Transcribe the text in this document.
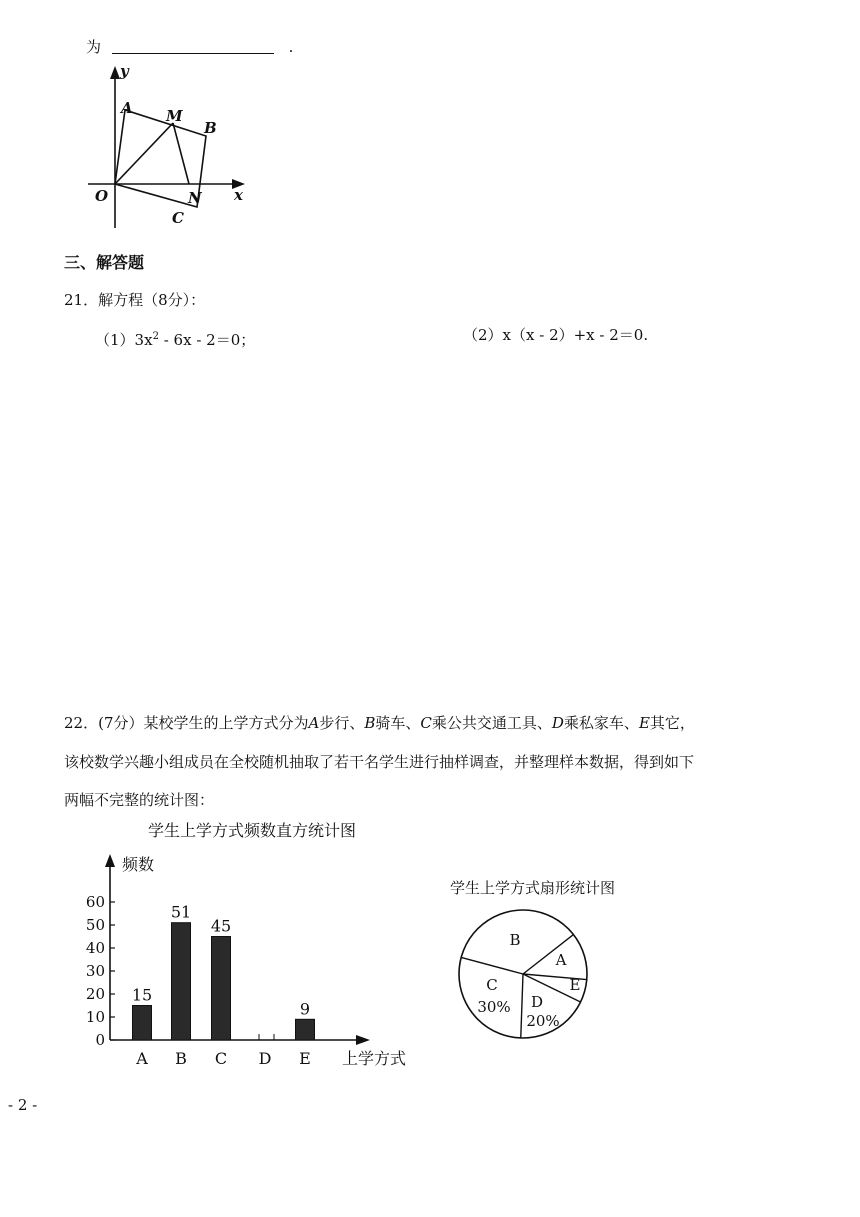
为	.
y
x
O
A M
B
N
C
三、解答题
21．解方程（8分）：
$(1)3x^2 - 6x - 2=0$；	（2）x（x - 2）+x - 2＝0.
22．(7分）某校学生的上学方式分为A步行、B骑车、C乘公共交通工具、D乘私家车、E其它，
该校数学兴趣小组成员在全校随机抽取了若干名学生进行抽样调查，并整理样本数据，得到如下
两幅不完整的统计图：
学生上学方式频数直方统计图
频数
上学方式
0
10
20
30
40
50
60
15
A
51
B
45
C D
9
E
学生上学方式扇形统计图
A
B
C
30% D
20%
E
- 2 -
